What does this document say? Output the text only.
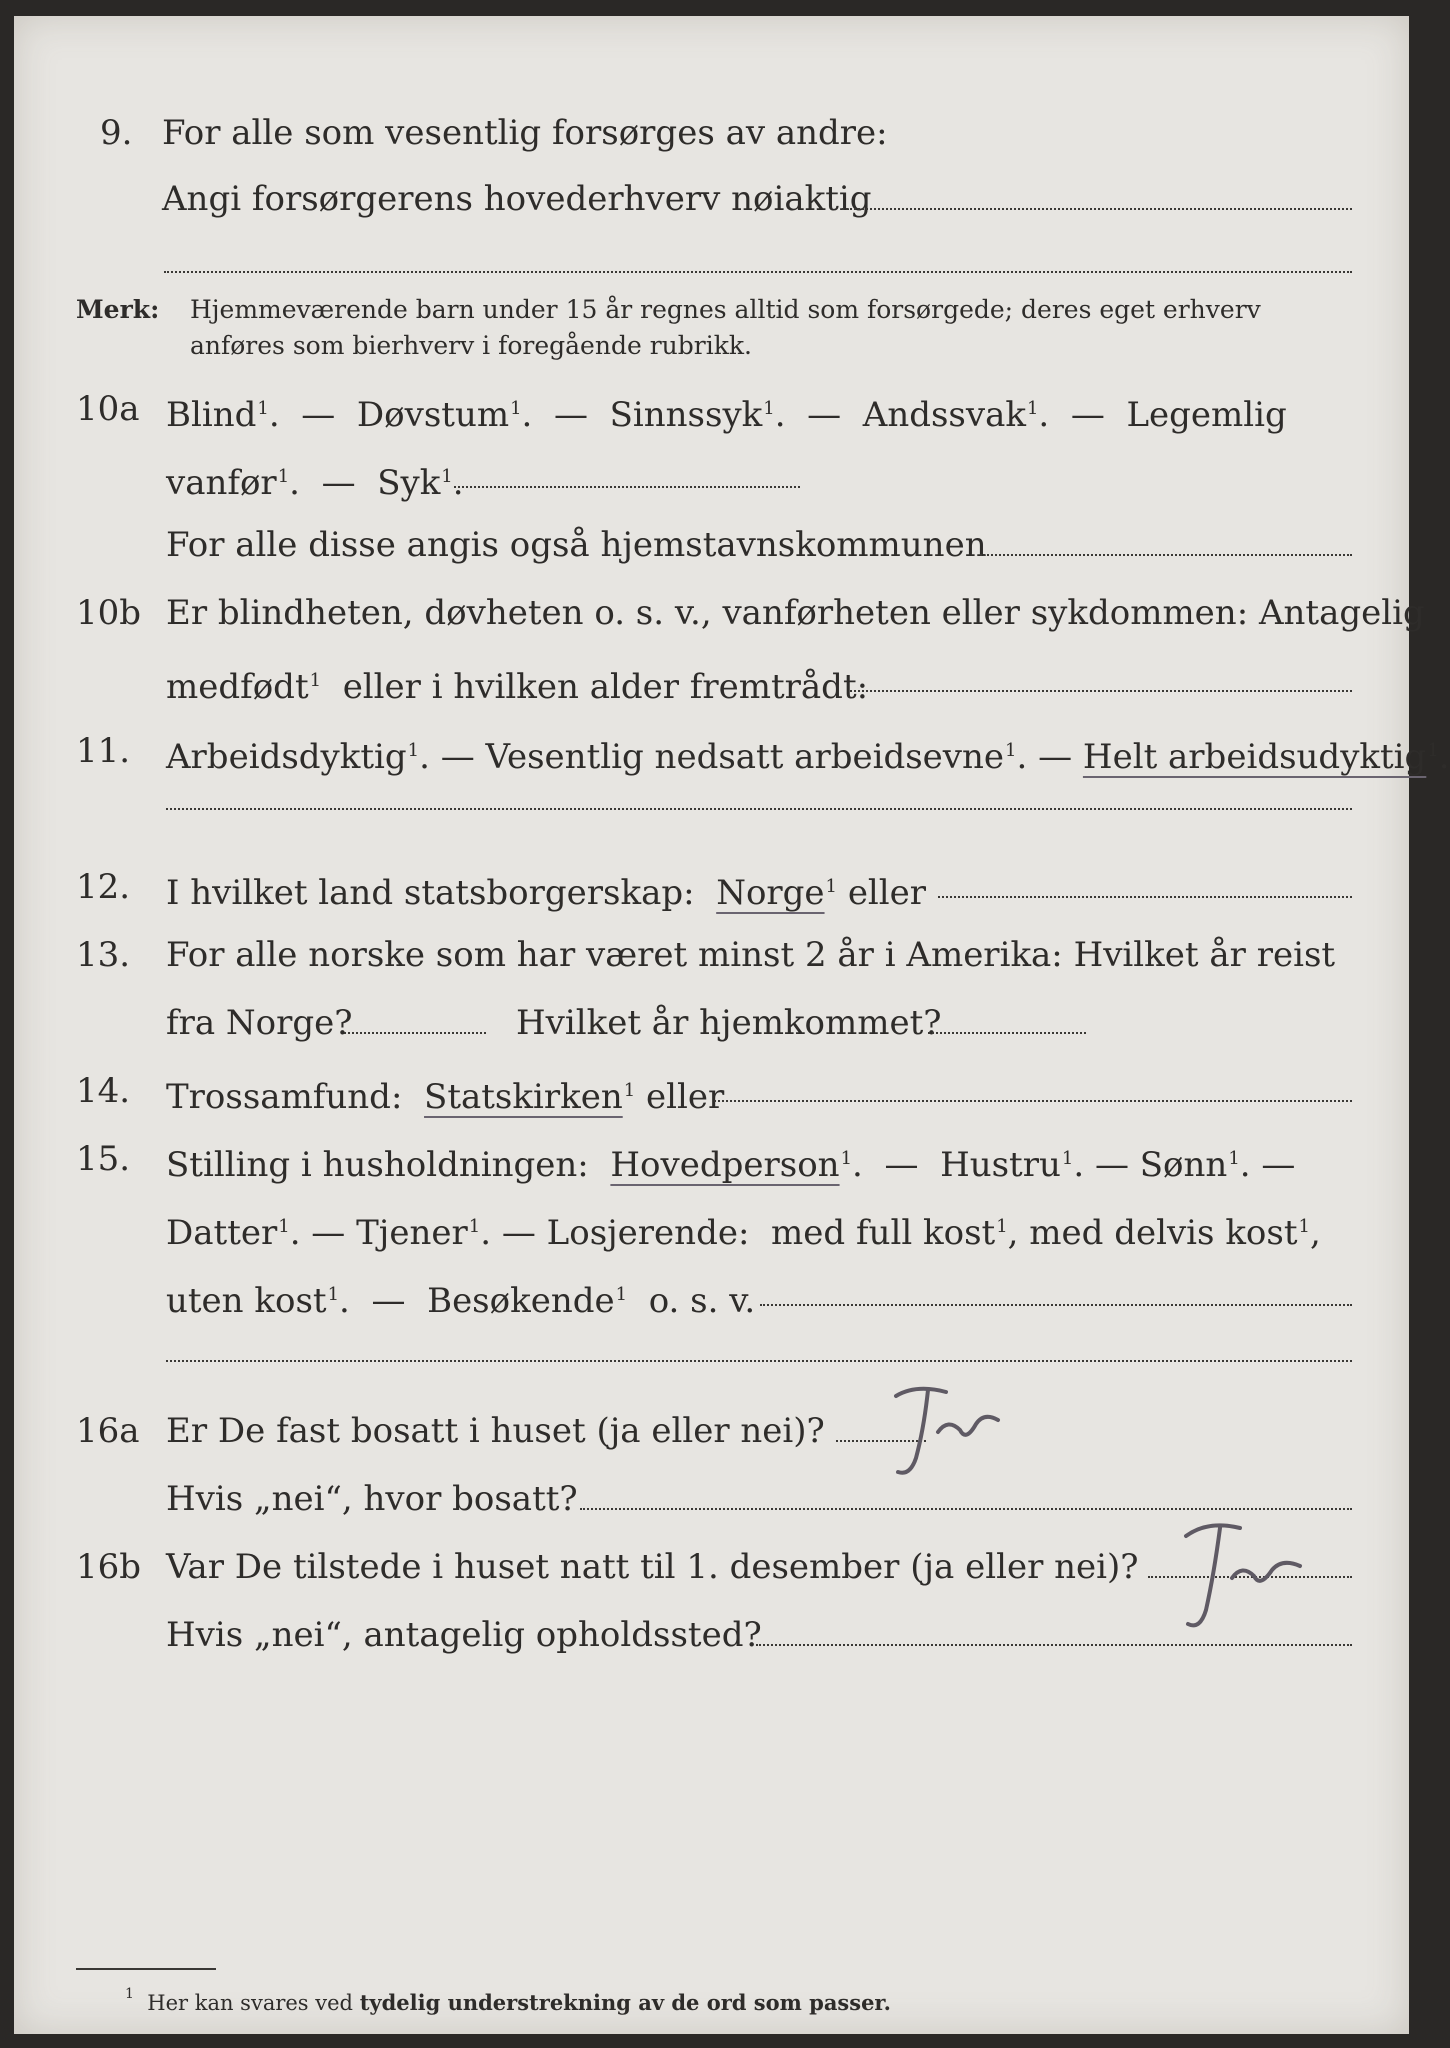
9. For alle som vesentlig forsørges av andre:
Angi forsørgerens hovederhverv nøiaktig
Merk: Hjemmeværende barn under 15 år regnes alltid som forsørgede; deres eget erhverv
anføres som bierhverv i foregående rubrikk.
10a Blind$^1$.  —  Døvstum$^1$.  —  Sinnssyk$^1$.  —  Andssvak$^1$.  —  Legemlig
vanfør$^1$.  —  Syk$^1$.
For alle disse angis også hjemstavnskommunen
10b Er blindheten, døvheten o. s. v., vanførheten eller sykdommen: Antagelig
medfødt$^1$ eller i hvilken alder fremtrådt:
11. Arbeidsdyktig$^1$. — Vesentlig nedsatt arbeidsevne$^1$. — Helt arbeidsudyktig$^1$.
12. I hvilket land statsborgerskap: Norge$^1$ eller
13. For alle norske som har været minst 2 år i Amerika: Hvilket år reist
fra Norge?	Hvilket år hjemkommet?
14. Trossamfund: Statskirken$^1$ eller
15. Stilling i husholdningen: Hovedperson$^1$.  —  Hustru$^1$. — Sønn$^1$. —
Datter$^1$. — Tjener$^1$. — Losjerende: med full kost$^1$, med delvis kost$^1$,
uten kost$^1$.  —  Besøkende$^1$ o. s. v.
16a Er De fast bosatt i huset (ja eller nei)?
Hvis „nei“, hvor bosatt?
16b Var De tilstede i huset natt til 1. desember (ja eller nei)?
Hvis „nei“, antagelig opholdssted?
$^1$ Her kan svares ved tydelig understrekning av de ord som passer.
